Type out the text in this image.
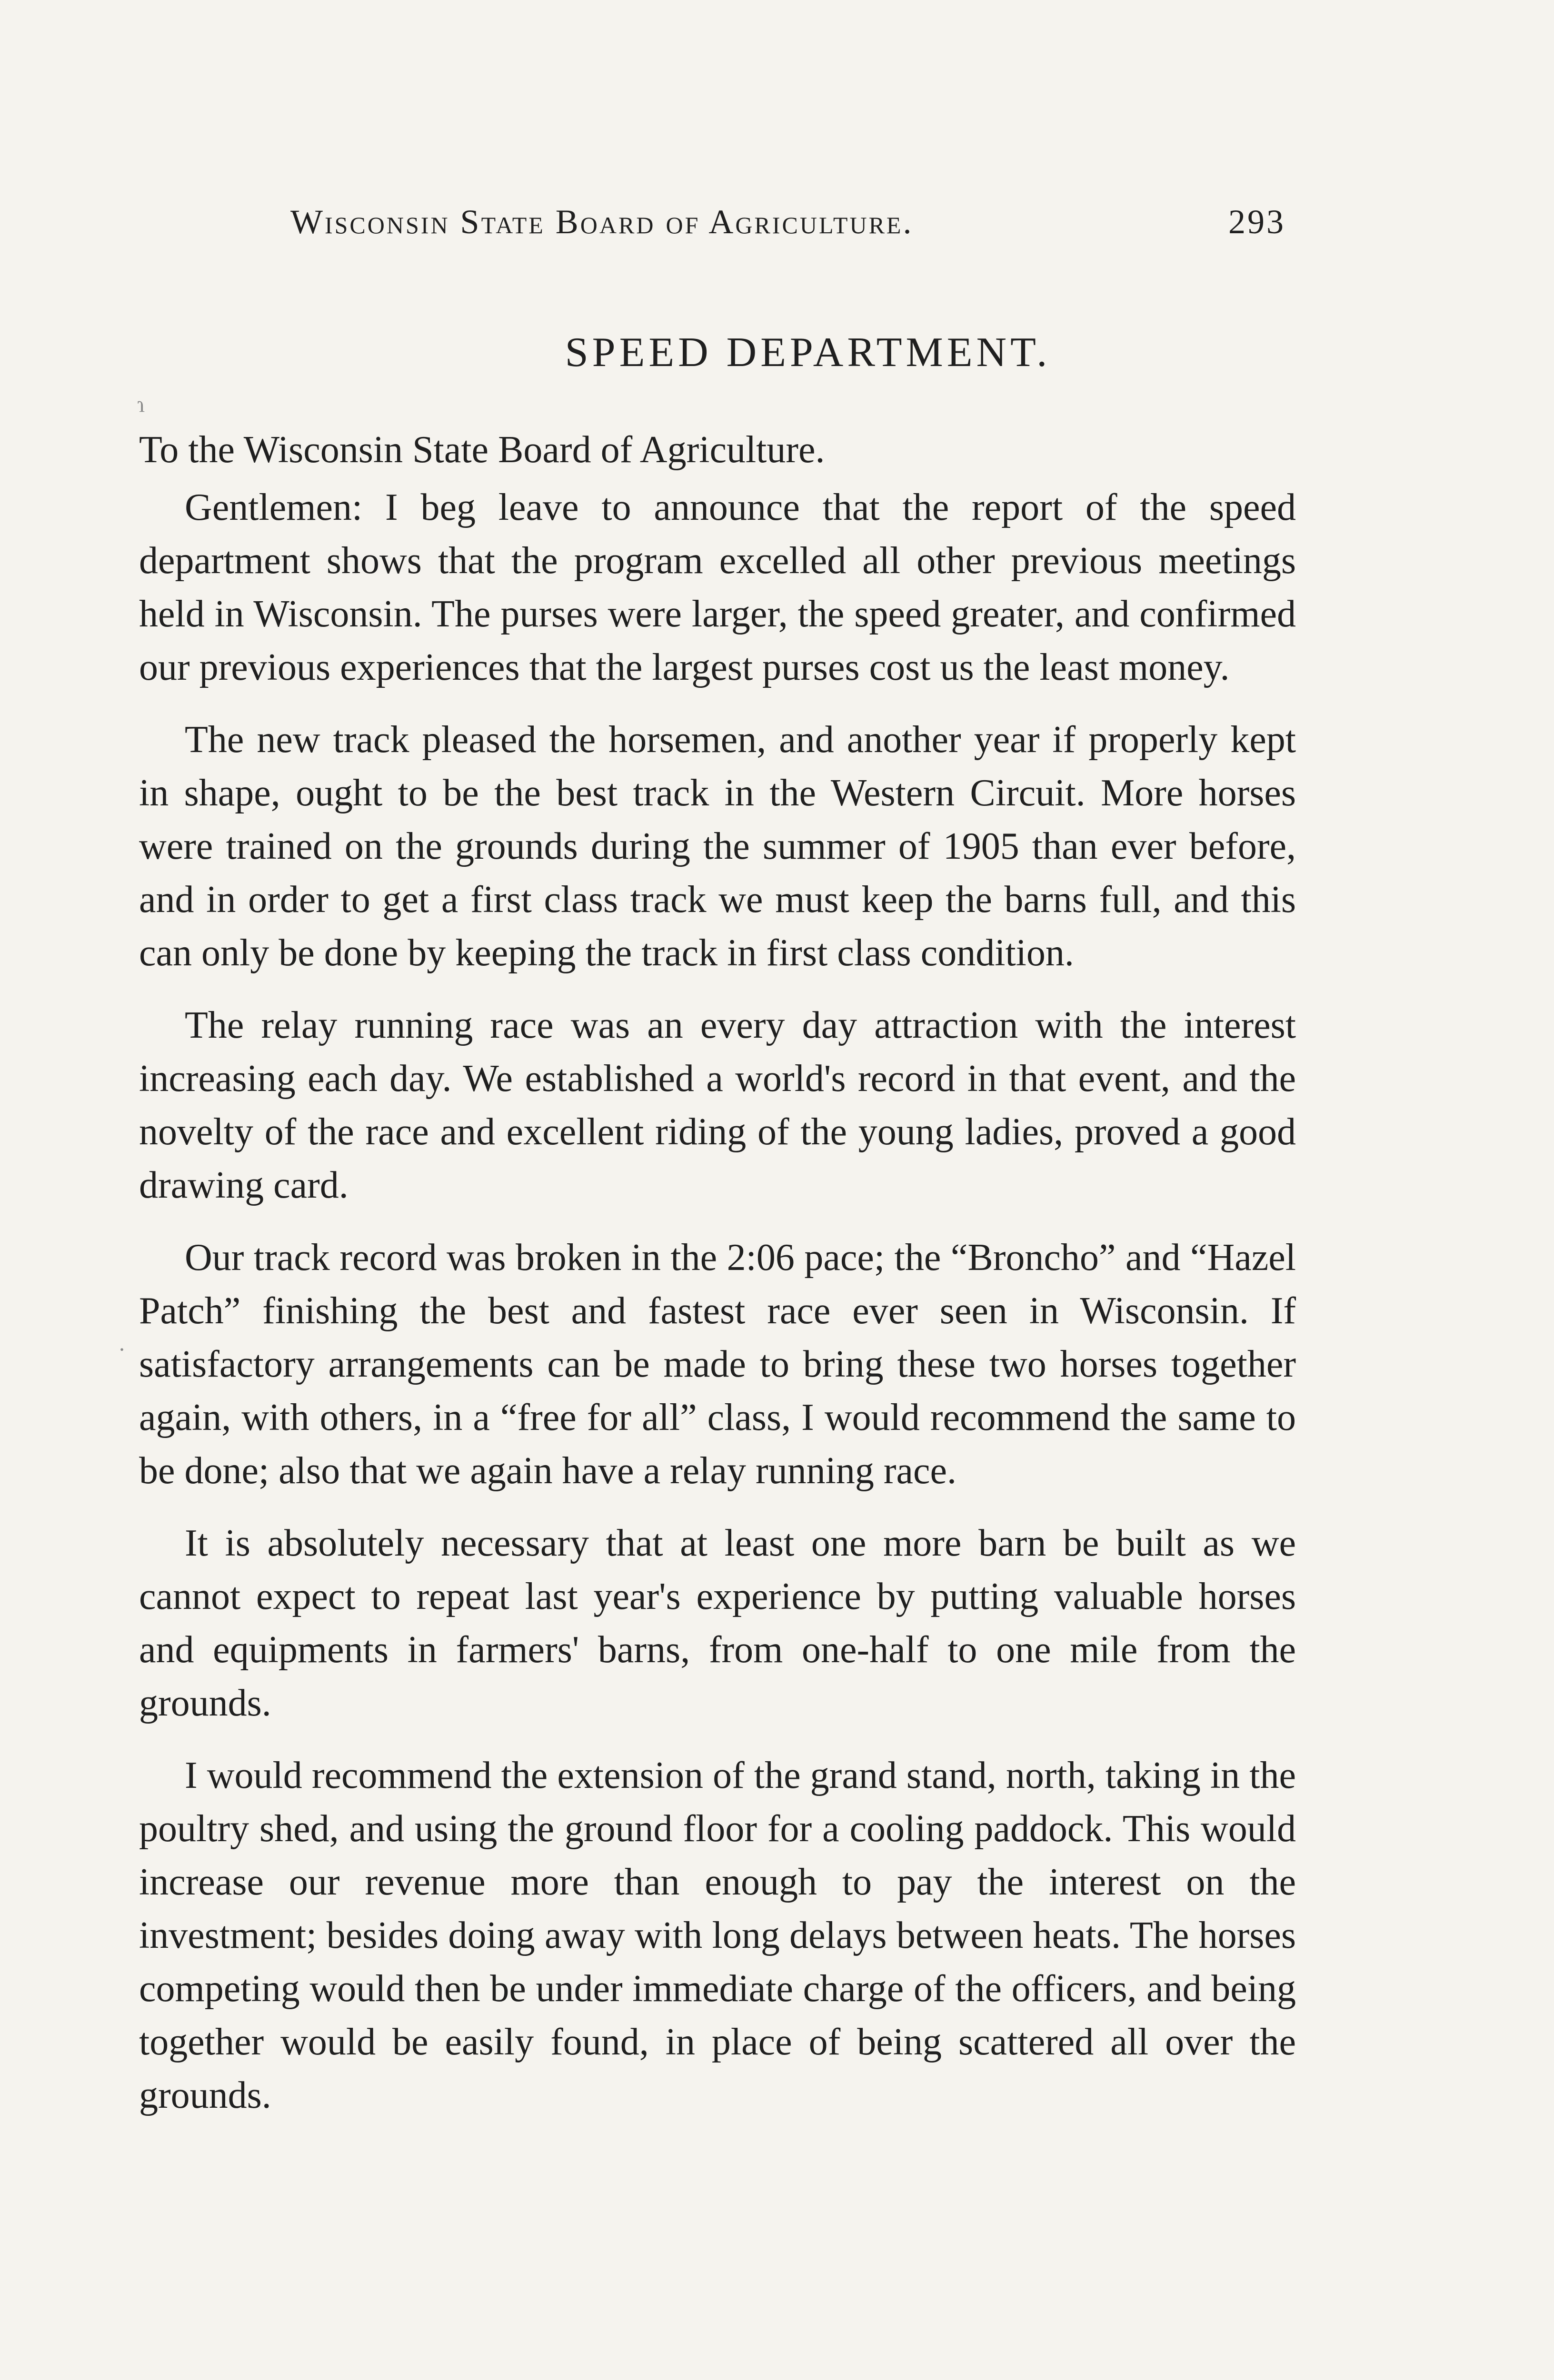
Wisconsin State Board of Agriculture.	293
SPEED DEPARTMENT.
To the Wisconsin State Board of Agriculture.

Gentlemen: I beg leave to announce that the report of the speed department shows that the program excelled all other previous meetings held in Wisconsin. The purses were larger, the speed greater, and confirmed our previous experiences that the largest purses cost us the least money.

The new track pleased the horsemen, and another year if properly kept in shape, ought to be the best track in the Western Circuit. More horses were trained on the grounds during the summer of 1905 than ever before, and in order to get a first class track we must keep the barns full, and this can only be done by keeping the track in first class condition.

The relay running race was an every day attraction with the interest increasing each day. We established a world's record in that event, and the novelty of the race and excellent riding of the young ladies, proved a good drawing card.

Our track record was broken in the 2:06 pace; the “Broncho” and “Hazel Patch” finishing the best and fastest race ever seen in Wisconsin. If satisfactory arrangements can be made to bring these two horses together again, with others, in a “free for all” class, I would recommend the same to be done; also that we again have a relay running race.

It is absolutely necessary that at least one more barn be built as we cannot expect to repeat last year's experience by putting valuable horses and equipments in farmers' barns, from one-half to one mile from the grounds.

I would recommend the extension of the grand stand, north, taking in the poultry shed, and using the ground floor for a cooling paddock. This would increase our revenue more than enough to pay the interest on the investment; besides doing away with long delays between heats. The horses competing would then be under immediate charge of the officers, and being together would be easily found, in place of being scattered all over the grounds.

ɿ
·
